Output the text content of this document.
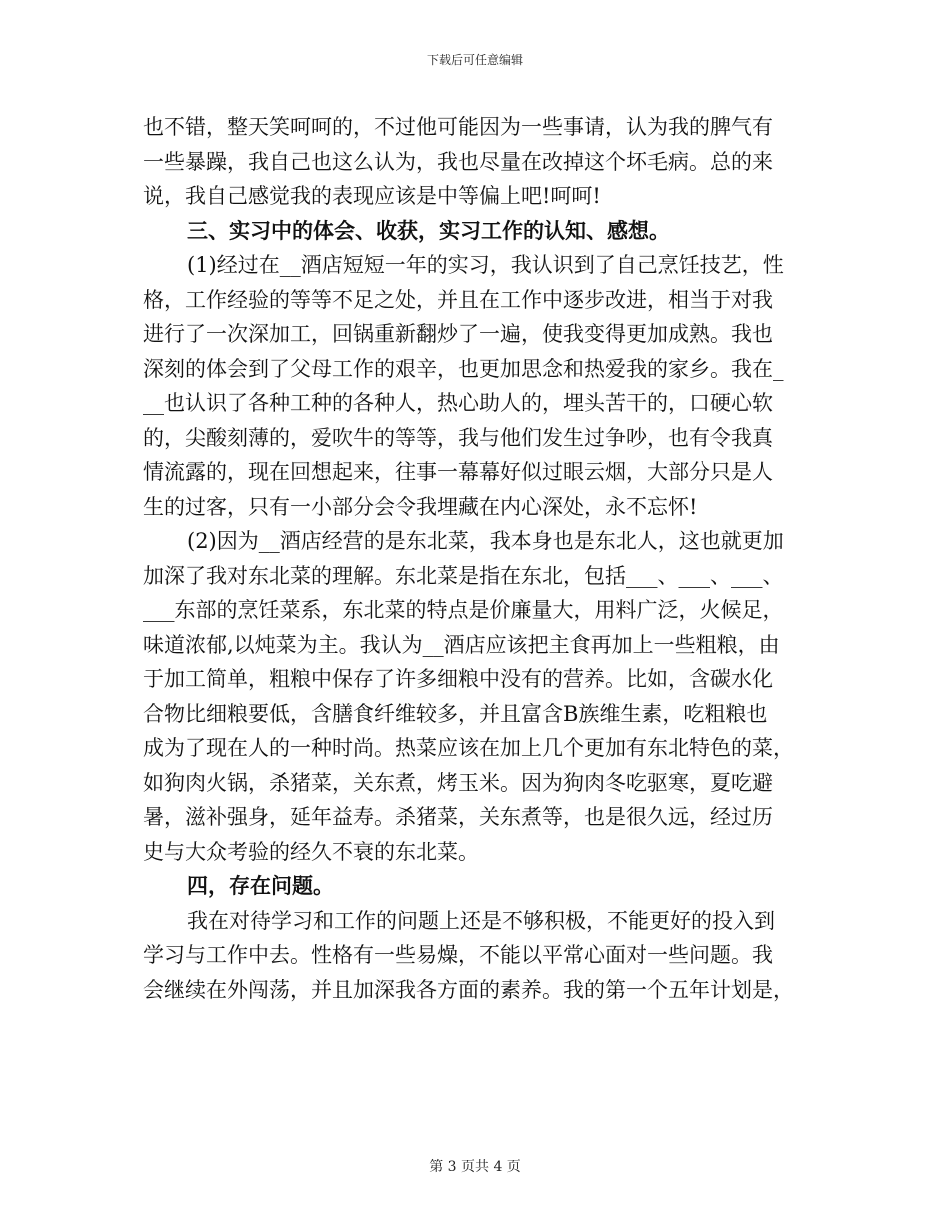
下载后可任意编辑
也不错，整天笑呵呵的，不过他可能因为一些事请，认为我的脾气有
一些暴躁，我自己也这么认为，我也尽量在改掉这个坏毛病。总的来
说，我自己感觉我的表现应该是中等偏上吧!呵呵!
三、实习中的体会、收获，实习工作的认知、感想。
(1)经过在__酒店短短一年的实习，我认识到了自己烹饪技艺，性
格，工作经验的等等不足之处，并且在工作中逐步改进，相当于对我
进行了一次深加工，回锅重新翻炒了一遍，使我变得更加成熟。我也
深刻的体会到了父母工作的艰辛，也更加思念和热爱我的家乡。我在_
__也认识了各种工种的各种人，热心助人的，埋头苦干的，口硬心软
的，尖酸刻薄的，爱吹牛的等等，我与他们发生过争吵，也有令我真
情流露的，现在回想起来，往事一幕幕好似过眼云烟，大部分只是人
生的过客，只有一小部分会令我埋藏在内心深处，永不忘怀!
(2)因为__酒店经营的是东北菜，我本身也是东北人，这也就更加
加深了我对东北菜的理解。东北菜是指在东北，包括___、___、___、
___东部的烹饪菜系，东北菜的特点是价廉量大，用料广泛，火候足，
味道浓郁,以炖菜为主。我认为__酒店应该把主食再加上一些粗粮，由
于加工简单，粗粮中保存了许多细粮中没有的营养。比如，含碳水化
合物比细粮要低，含膳食纤维较多，并且富含B族维生素，吃粗粮也
成为了现在人的一种时尚。热菜应该在加上几个更加有东北特色的菜，
如狗肉火锅，杀猪菜，关东煮，烤玉米。因为狗肉冬吃驱寒，夏吃避
暑，滋补强身，延年益寿。杀猪菜，关东煮等，也是很久远，经过历
史与大众考验的经久不衰的东北菜。
四，存在问题。
我在对待学习和工作的问题上还是不够积极，不能更好的投入到
学习与工作中去。性格有一些易燥，不能以平常心面对一些问题。我
会继续在外闯荡，并且加深我各方面的素养。我的第一个五年计划是，
第 3 页共 4 页
